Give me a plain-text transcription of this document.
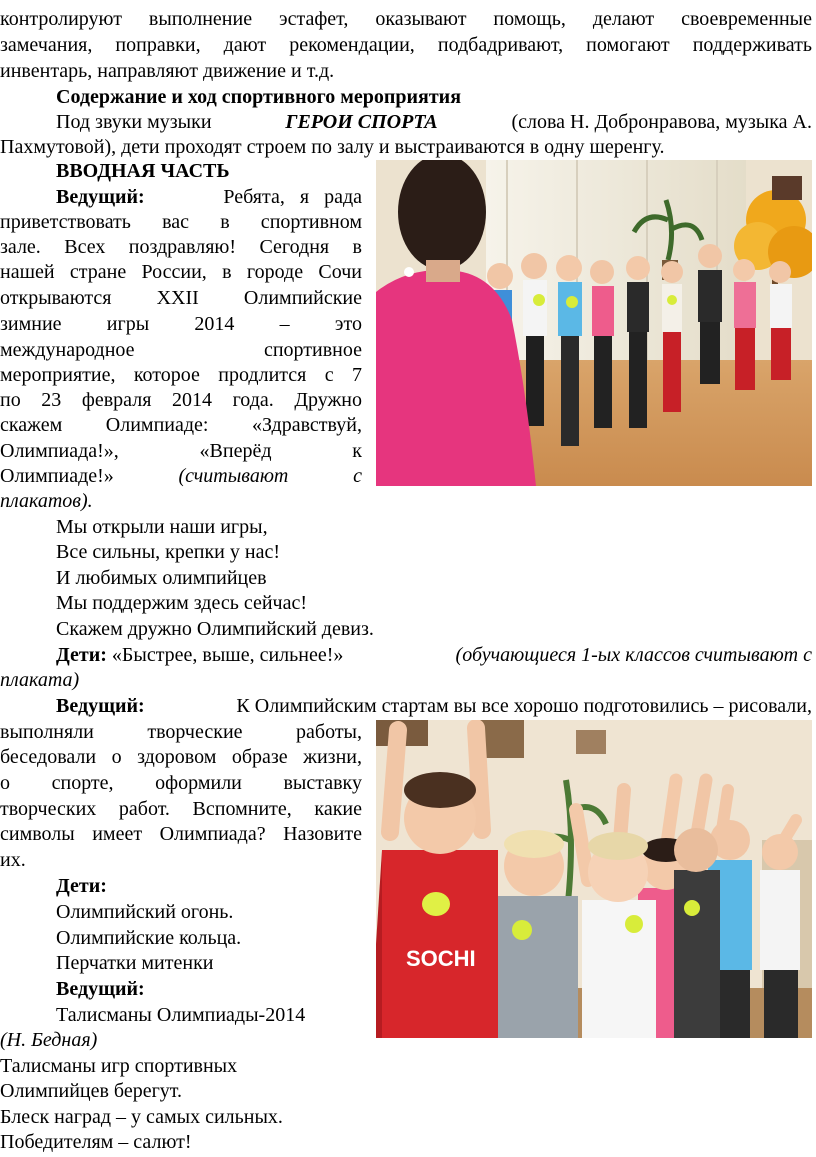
контролируют выполнение эстафет, оказывают помощь, делают своевременные
замечания, поправки, дают рекомендации, подбадривают, помогают поддерживать
инвентарь, направляют движение и т.д.
Содержание и ход спортивного мероприятия
Под звуки музыки	ГЕРОИ СПОРТА	(слова Н. Добронравова, музыка А.
Пахмутовой), дети проходят строем по залу и выстраиваются в одну шеренгу.
ВВОДНАЯ ЧАСТЬ
Ведущий:	Ребята,   я   рада
приветствовать вас в спортивном
зале. Всех поздравляю! Сегодня в
нашей стране России, в городе Сочи
открываются XXII Олимпийские
зимние игры 2014 – это
международное спортивное
мероприятие, которое продлится с 7
по 23 февраля 2014 года. Дружно
скажем Олимпиаде: «Здравствуй,
Олимпиада!»,	«Вперёд	к
Олимпиаде!»	(считывают	с
плакатов).
Мы открыли наши игры,
Все сильны, крепки у нас!
И любимых олимпийцев
Мы поддержим здесь сейчас!
Скажем дружно Олимпийский девиз.
Дети: «Быстрее, выше, сильнее!»	(обучающиеся 1-ых классов считывают с
плаката)
Ведущий:	К Олимпийским стартам вы все хорошо подготовились – рисовали,
выполняли творческие работы,
беседовали о здоровом образе жизни,
о спорте, оформили выставку
творческих работ. Вспомните, какие
символы имеет Олимпиада? Назовите
их.
SOCHI
Дети:
Олимпийский огонь.
Олимпийские кольца.
Перчатки митенки
Ведущий:
Талисманы Олимпиады-2014
(Н. Бедная)
Талисманы игр спортивных
Олимпийцев берегут.
Блеск наград – у самых сильных.
Победителям – салют!
